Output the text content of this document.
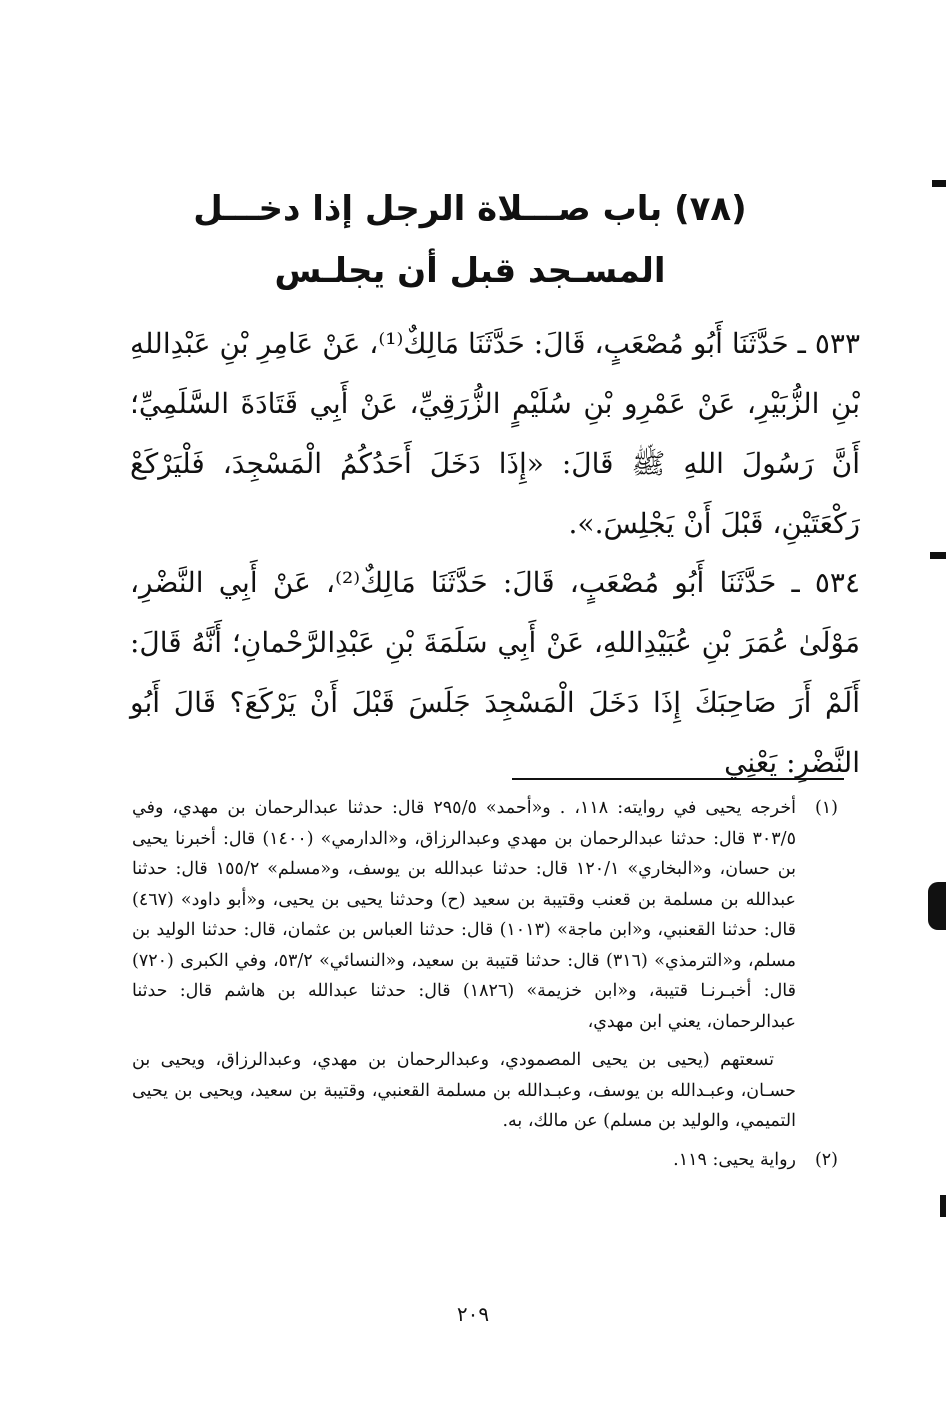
(٧٨) باب صـــلاة الرجل إذا دخـــل
المسـجد قبل أن يجلـس
٥٣٣ ـ حَدَّثَنَا أَبُو مُصْعَبٍ، قَالَ: حَدَّثَنَا مَالِكٌ⁽¹⁾، عَنْ عَامِرِ بْنِ عَبْدِاللهِ بْنِ الزُّبَيْرِ، عَنْ عَمْرِو بْنِ سُلَيْمٍ الزُّرَقِيِّ، عَنْ أَبِي قَتَادَةَ السَّلَمِيِّ؛ أَنَّ رَسُولَ اللهِ ﷺ قَالَ: «إِذَا دَخَلَ أَحَدُكُمُ الْمَسْجِدَ، فَلْيَرْكَعْ رَكْعَتَيْنِ، قَبْلَ أَنْ يَجْلِسَ.».
٥٣٤ ـ حَدَّثَنَا أَبُو مُصْعَبٍ، قَالَ: حَدَّثَنَا مَالِكٌ⁽²⁾، عَنْ أَبِي النَّضْرِ، مَوْلَىٰ عُمَرَ بْنِ عُبَيْدِاللهِ، عَنْ أَبِي سَلَمَةَ بْنِ عَبْدِالرَّحْمانِ؛ أَنَّهُ قَالَ: أَلَمْ أَرَ صَاحِبَكَ إِذَا دَخَلَ الْمَسْجِدَ جَلَسَ قَبْلَ أَنْ يَرْكَعَ؟ قَالَ أَبُو النَّضْرِ: يَعْنِي
(١)
أخرجه يحيى في روايته: ١١٨، . و«أحمد» ٢٩٥/٥ قال: حدثنا عبدالرحمان بن مهدي، وفي ٣٠٣/٥ قال: حدثنا عبدالرحمان بن مهدي وعبدالرزاق، و«الدارمي» (١٤٠٠) قال: أخبرنا يحيى بن حسان، و«البخاري» ١٢٠/١ قال: حدثنا عبدالله بن يوسف، و«مسلم» ١٥٥/٢ قال: حدثنا عبدالله بن مسلمة بن قعنب وقتيبة بن سعيد (ح) وحدثنا يحيى بن يحيى، و«أبو داود» (٤٦٧) قال: حدثنا القعنبي، و«ابن ماجة» (١٠١٣) قال: حدثنا العباس بن عثمان، قال: حدثنا الوليد بن مسلم، و«الترمذي» (٣١٦) قال: حدثنا قتيبة بن سعيد، و«النسائي» ٥٣/٢، وفي الكبرى (٧٢٠) قال: أخبـرنـا قتيبة، و«ابن خزيمة» (١٨٢٦) قال: حدثنا عبدالله بن هاشم قال: حدثنا عبدالرحمان، يعني ابن مهدي،
تسعتهم (يحيى بن يحيى المصمودي، وعبدالرحمان بن مهدي، وعبدالرزاق، ويحيى بن حسـان، وعبـدالله بن يوسف، وعبـدالله بن مسلمة القعنبي، وقتيبة بن سعيد، ويحيى بن يحيى التميمي، والوليد بن مسلم) عن مالك، به.
(٢)
رواية يحيى: ١١٩.
٢٠٩
